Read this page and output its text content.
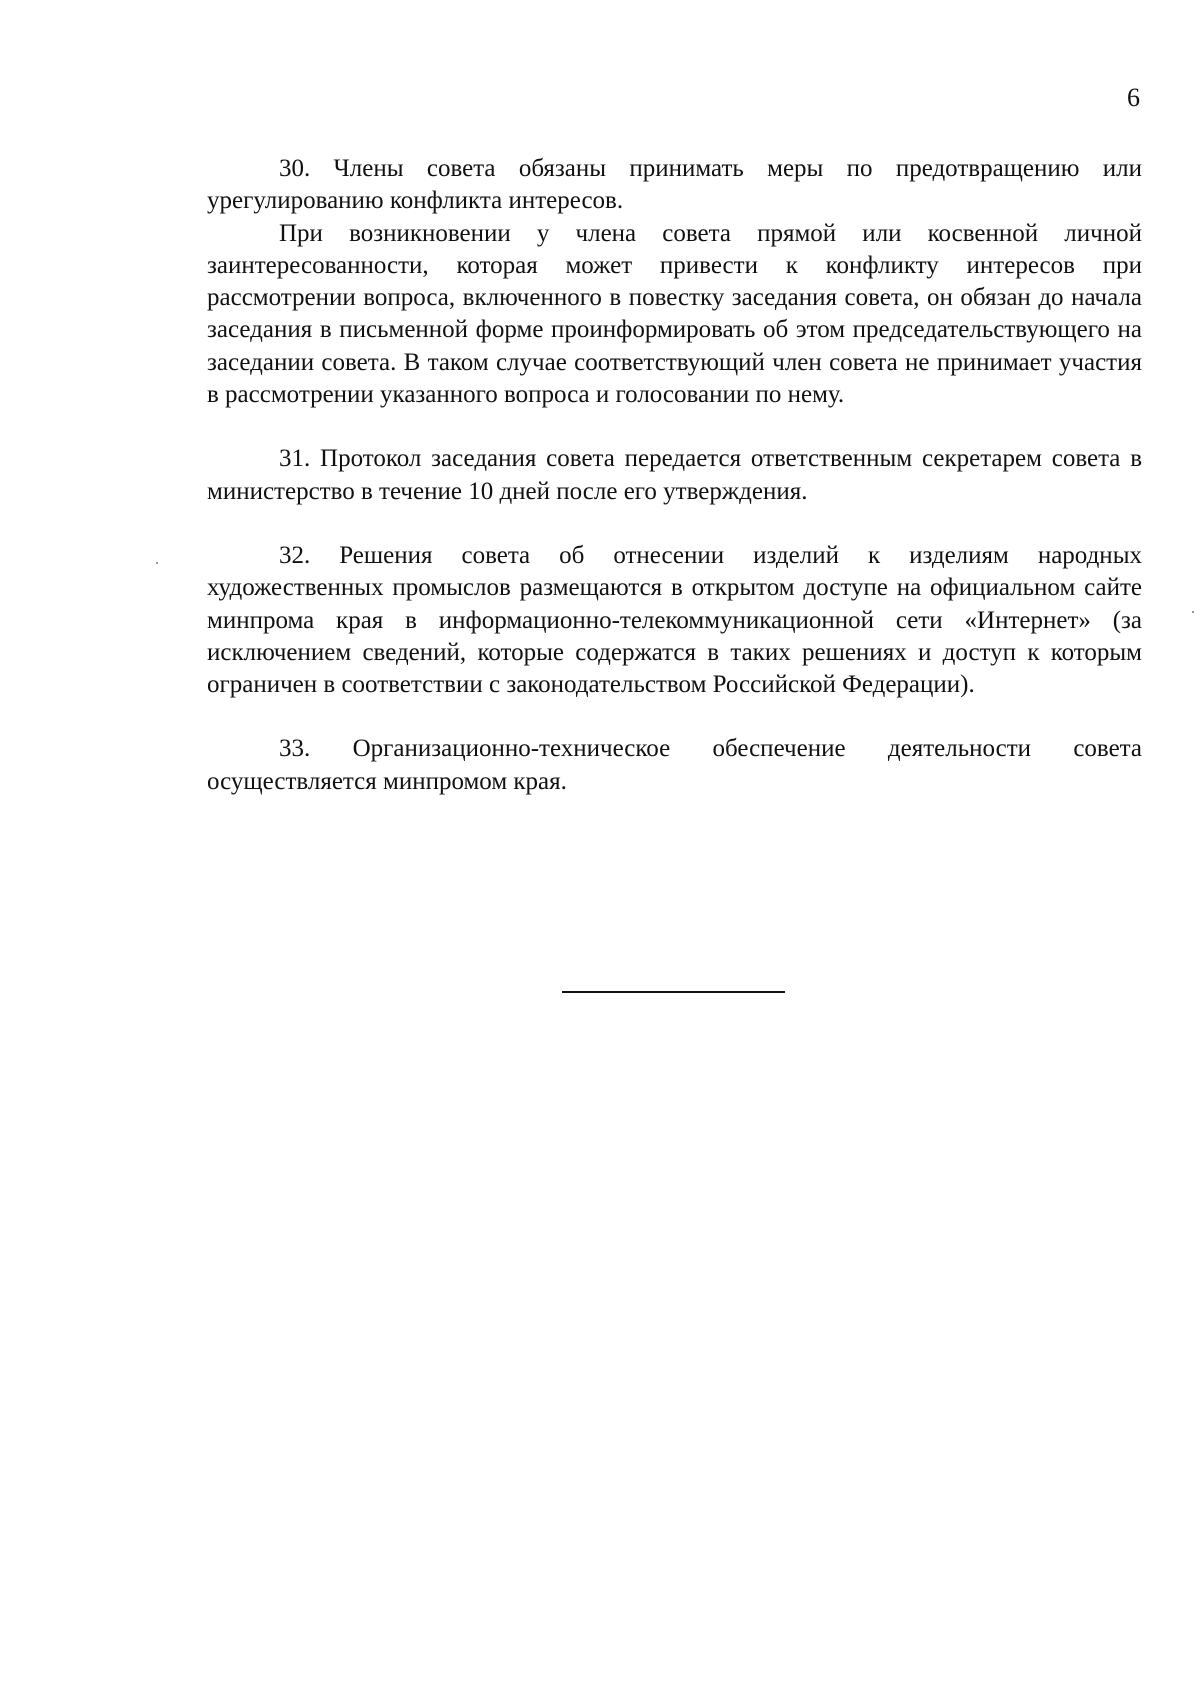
6

30. Члены совета обязаны принимать меры по предотвращению или урегулированию конфликта интересов.

При возникновении у члена совета прямой или косвенной личной заинтересованности, которая может привести к конфликту интересов при рассмотрении вопроса, включенного в повестку заседания совета, он обязан до начала заседания в письменной форме проинформировать об этом председательствующего на заседании совета. В таком случае соответствующий член совета не принимает участия в рассмотрении указанного вопроса и голосовании по нему.

31. Протокол заседания совета передается ответственным секретарем совета в министерство в течение 10 дней после его утверждения.

32. Решения совета об отнесении изделий к изделиям народных художественных промыслов размещаются в открытом доступе на официальном сайте минпрома края в информационно-телекоммуникационной сети «Интернет» (за исключением сведений, которые содержатся в таких решениях и доступ к которым ограничен в соответствии с законодательством Российской Федерации).

33. Организационно-техническое обеспечение деятельности совета осуществляется минпромом края.
